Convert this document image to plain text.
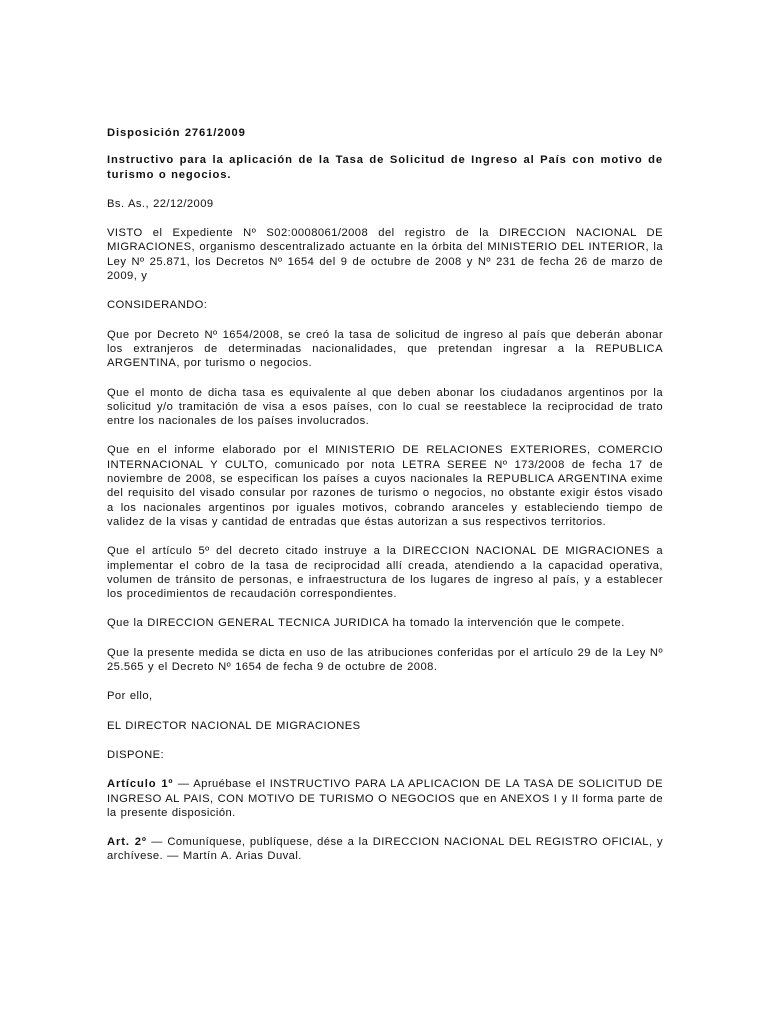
Disposición 2761/2009

Instructivo para la aplicación de la Tasa de Solicitud de Ingreso al País con motivo de turismo o negocios.

Bs. As., 22/12/2009

VISTO el Expediente Nº S02:0008061/2008 del registro de la DIRECCION NACIONAL DE MIGRACIONES, organismo descentralizado actuante en la órbita del MINISTERIO DEL INTERIOR, la Ley Nº 25.871, los Decretos Nº 1654 del 9 de octubre de 2008 y Nº 231 de fecha 26 de marzo de 2009, y

CONSIDERANDO:

Que por Decreto Nº 1654/2008, se creó la tasa de solicitud de ingreso al país que deberán abonar los extranjeros de determinadas nacionalidades, que pretendan ingresar a la REPUBLICA ARGENTINA, por turismo o negocios.

Que el monto de dicha tasa es equivalente al que deben abonar los ciudadanos argentinos por la solicitud y/o tramitación de visa a esos países, con lo cual se reestablece la reciprocidad de trato entre los nacionales de los países involucrados.

Que en el informe elaborado por el MINISTERIO DE RELACIONES EXTERIORES, COMERCIO INTERNACIONAL Y CULTO, comunicado por nota LETRA SEREE Nº 173/2008 de fecha 17 de noviembre de 2008, se especifican los países a cuyos nacionales la REPUBLICA ARGENTINA exime del requisito del visado consular por razones de turismo o negocios, no obstante exigir éstos visado a los nacionales argentinos por iguales motivos, cobrando aranceles y estableciendo tiempo de validez de la visas y cantidad de entradas que éstas autorizan a sus respectivos territorios.

Que el artículo 5º del decreto citado instruye a la DIRECCION NACIONAL DE MIGRACIONES a implementar el cobro de la tasa de reciprocidad allí creada, atendiendo a la capacidad operativa, volumen de tránsito de personas, e infraestructura de los lugares de ingreso al país, y a establecer los procedimientos de recaudación correspondientes.

Que la DIRECCION GENERAL TECNICA JURIDICA ha tomado la intervención que le compete.

Que la presente medida se dicta en uso de las atribuciones conferidas por el artículo 29 de la Ley Nº 25.565 y el Decreto Nº 1654 de fecha 9 de octubre de 2008.

Por ello,

EL DIRECTOR NACIONAL DE MIGRACIONES

DISPONE:

Artículo 1º — Apruébase el INSTRUCTIVO PARA LA APLICACION DE LA TASA DE SOLICITUD DE INGRESO AL PAIS, CON MOTIVO DE TURISMO O NEGOCIOS que en ANEXOS I y II forma parte de la presente disposición.

Art. 2º — Comuníquese, publíquese, dése a la DIRECCION NACIONAL DEL REGISTRO OFICIAL, y archívese. — Martín A. Arias Duval.
